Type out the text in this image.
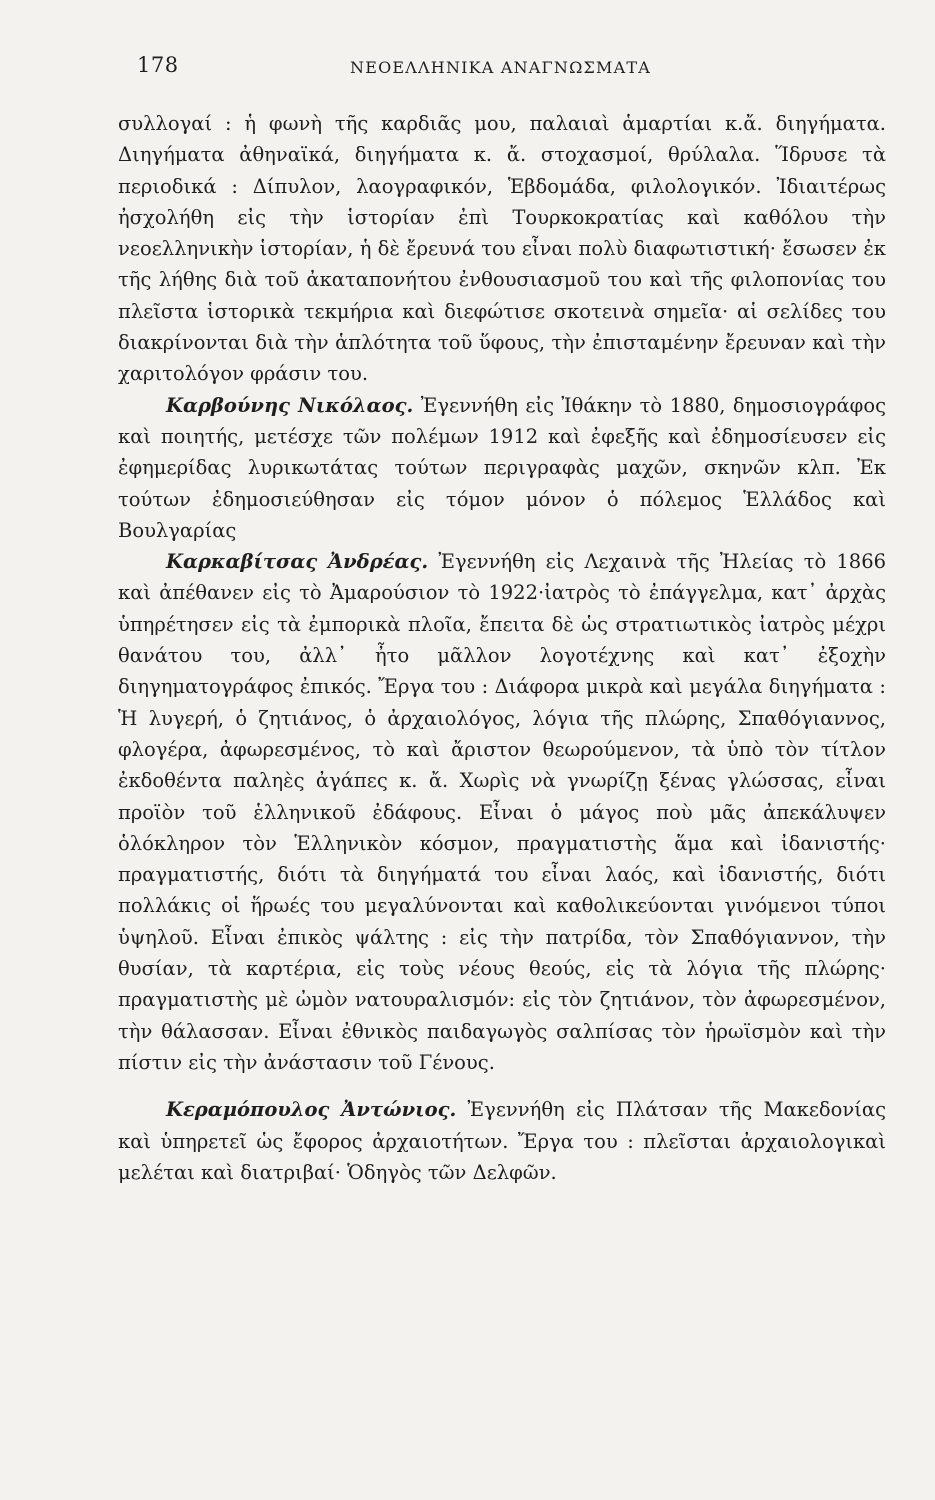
178	ΝΕΟΕΛΛΗΝΙΚΑ ΑΝΑΓΝΩΣΜΑΤΑ

συλλογαί : ἡ φωνὴ τῆς καρδιᾶς μου, παλαιαὶ ἁμαρτίαι κ.ἄ. διηγήματα. Διηγήματα ἀθηναϊκά, διηγήματα κ. ἄ. στοχασμοί, θρύλαλα. Ἵδρυσε τὰ περιοδικά : Δίπυλον, λαογραφικόν, Ἑβδομάδα, φιλολογικόν. Ἰδιαιτέρως ἠσχολήθη εἰς τὴν ἱστορίαν ἐπὶ Τουρκοκρατίας καὶ καθόλου τὴν νεοελληνικὴν ἱστορίαν, ἡ δὲ ἔρευνά του εἶναι πολὺ διαφωτιστική· ἔσωσεν ἐκ τῆς λήθης διὰ τοῦ ἀκαταπονήτου ἐνθουσιασμοῦ του καὶ τῆς φιλοπονίας του πλεῖστα ἱστορικὰ τεκμήρια καὶ διεφώτισε σκοτεινὰ σημεῖα· αἱ σελίδες του διακρίνονται διὰ τὴν ἁπλότητα τοῦ ὕφους, τὴν ἐπισταμένην ἔρευναν καὶ τὴν χαριτολόγον φράσιν του.

Καρβούνης Νικόλαος. Ἐγεννήθη εἰς Ἰθάκην τὸ 1880, δημοσιογράφος καὶ ποιητής, μετέσχε τῶν πολέμων 1912 καὶ ἐφεξῆς καὶ ἐδημοσίευσεν εἰς ἐφημερίδας λυρικωτάτας τούτων περιγραφὰς μαχῶν, σκηνῶν κλπ. Ἐκ τούτων ἐδημοσιεύθησαν εἰς τόμον μόνον ὁ πόλεμος Ἑλλάδος καὶ Βουλγαρίας

Καρκαβίτσας Ἀνδρέας. Ἐγεννήθη εἰς Λεχαινὰ τῆς Ἠλείας τὸ 1866 καὶ ἀπέθανεν εἰς τὸ Ἀμαρούσιον τὸ 1922·ἰατρὸς τὸ ἐπάγγελμα, κατ᾽ ἀρχὰς ὑπηρέτησεν εἰς τὰ ἐμπορικὰ πλοῖα, ἔπειτα δὲ ὡς στρατιωτικὸς ἰατρὸς μέχρι θανάτου του, ἀλλ᾽ ἦτο μᾶλλον λογοτέχνης καὶ κατ᾽ ἐξοχὴν διηγηματογράφος ἐπικός. Ἔργα του : Διάφορα μικρὰ καὶ μεγάλα διηγήματα : Ἡ λυγερή, ὁ ζητιάνος, ὁ ἀρχαιολόγος, λόγια τῆς πλώρης, Σπαθόγιαννος, φλογέρα, ἀφωρεσμένος, τὸ καὶ ἄριστον θεωρούμενον, τὰ ὑπὸ τὸν τίτλον ἐκδοθέντα παληὲς ἀγάπες κ. ἄ. Χωρὶς νὰ γνωρίζῃ ξένας γλώσσας, εἶναι προϊὸν τοῦ ἑλληνικοῦ ἐδάφους. Εἶναι ὁ μάγος ποὺ μᾶς ἀπεκάλυψεν ὁλόκληρον τὸν Ἑλληνικὸν κόσμον, πραγματιστὴς ἅμα καὶ ἰδανιστής· πραγματιστής, διότι τὰ διηγήματά του εἶναι λαός, καὶ ἰδανιστής, διότι πολλάκις οἱ ἥρωές του μεγαλύνονται καὶ καθολικεύονται γινόμενοι τύποι ὑψηλοῦ. Εἶναι ἐπικὸς ψάλτης : εἰς τὴν πατρίδα, τὸν Σπαθόγιαννον, τὴν θυσίαν, τὰ καρτέρια, εἰς τοὺς νέους θεούς, εἰς τὰ λόγια τῆς πλώρης· πραγματιστὴς μὲ ὠμὸν νατουραλισμόν: εἰς τὸν ζητιάνον, τὸν ἀφωρεσμένον, τὴν θάλασσαν. Εἶναι ἐθνικὸς παιδαγωγὸς σαλπίσας τὸν ἡρωϊσμὸν καὶ τὴν πίστιν εἰς τὴν ἀνάστασιν τοῦ Γένους.

Κεραμόπουλος Ἀντώνιος. Ἐγεννήθη εἰς Πλάτσαν τῆς Μακεδονίας καὶ ὑπηρετεῖ ὡς ἔφορος ἀρχαιοτήτων. Ἔργα του : πλεῖσται ἀρχαιολογικαὶ μελέται καὶ διατριβαί· Ὁδηγὸς τῶν Δελφῶν.
